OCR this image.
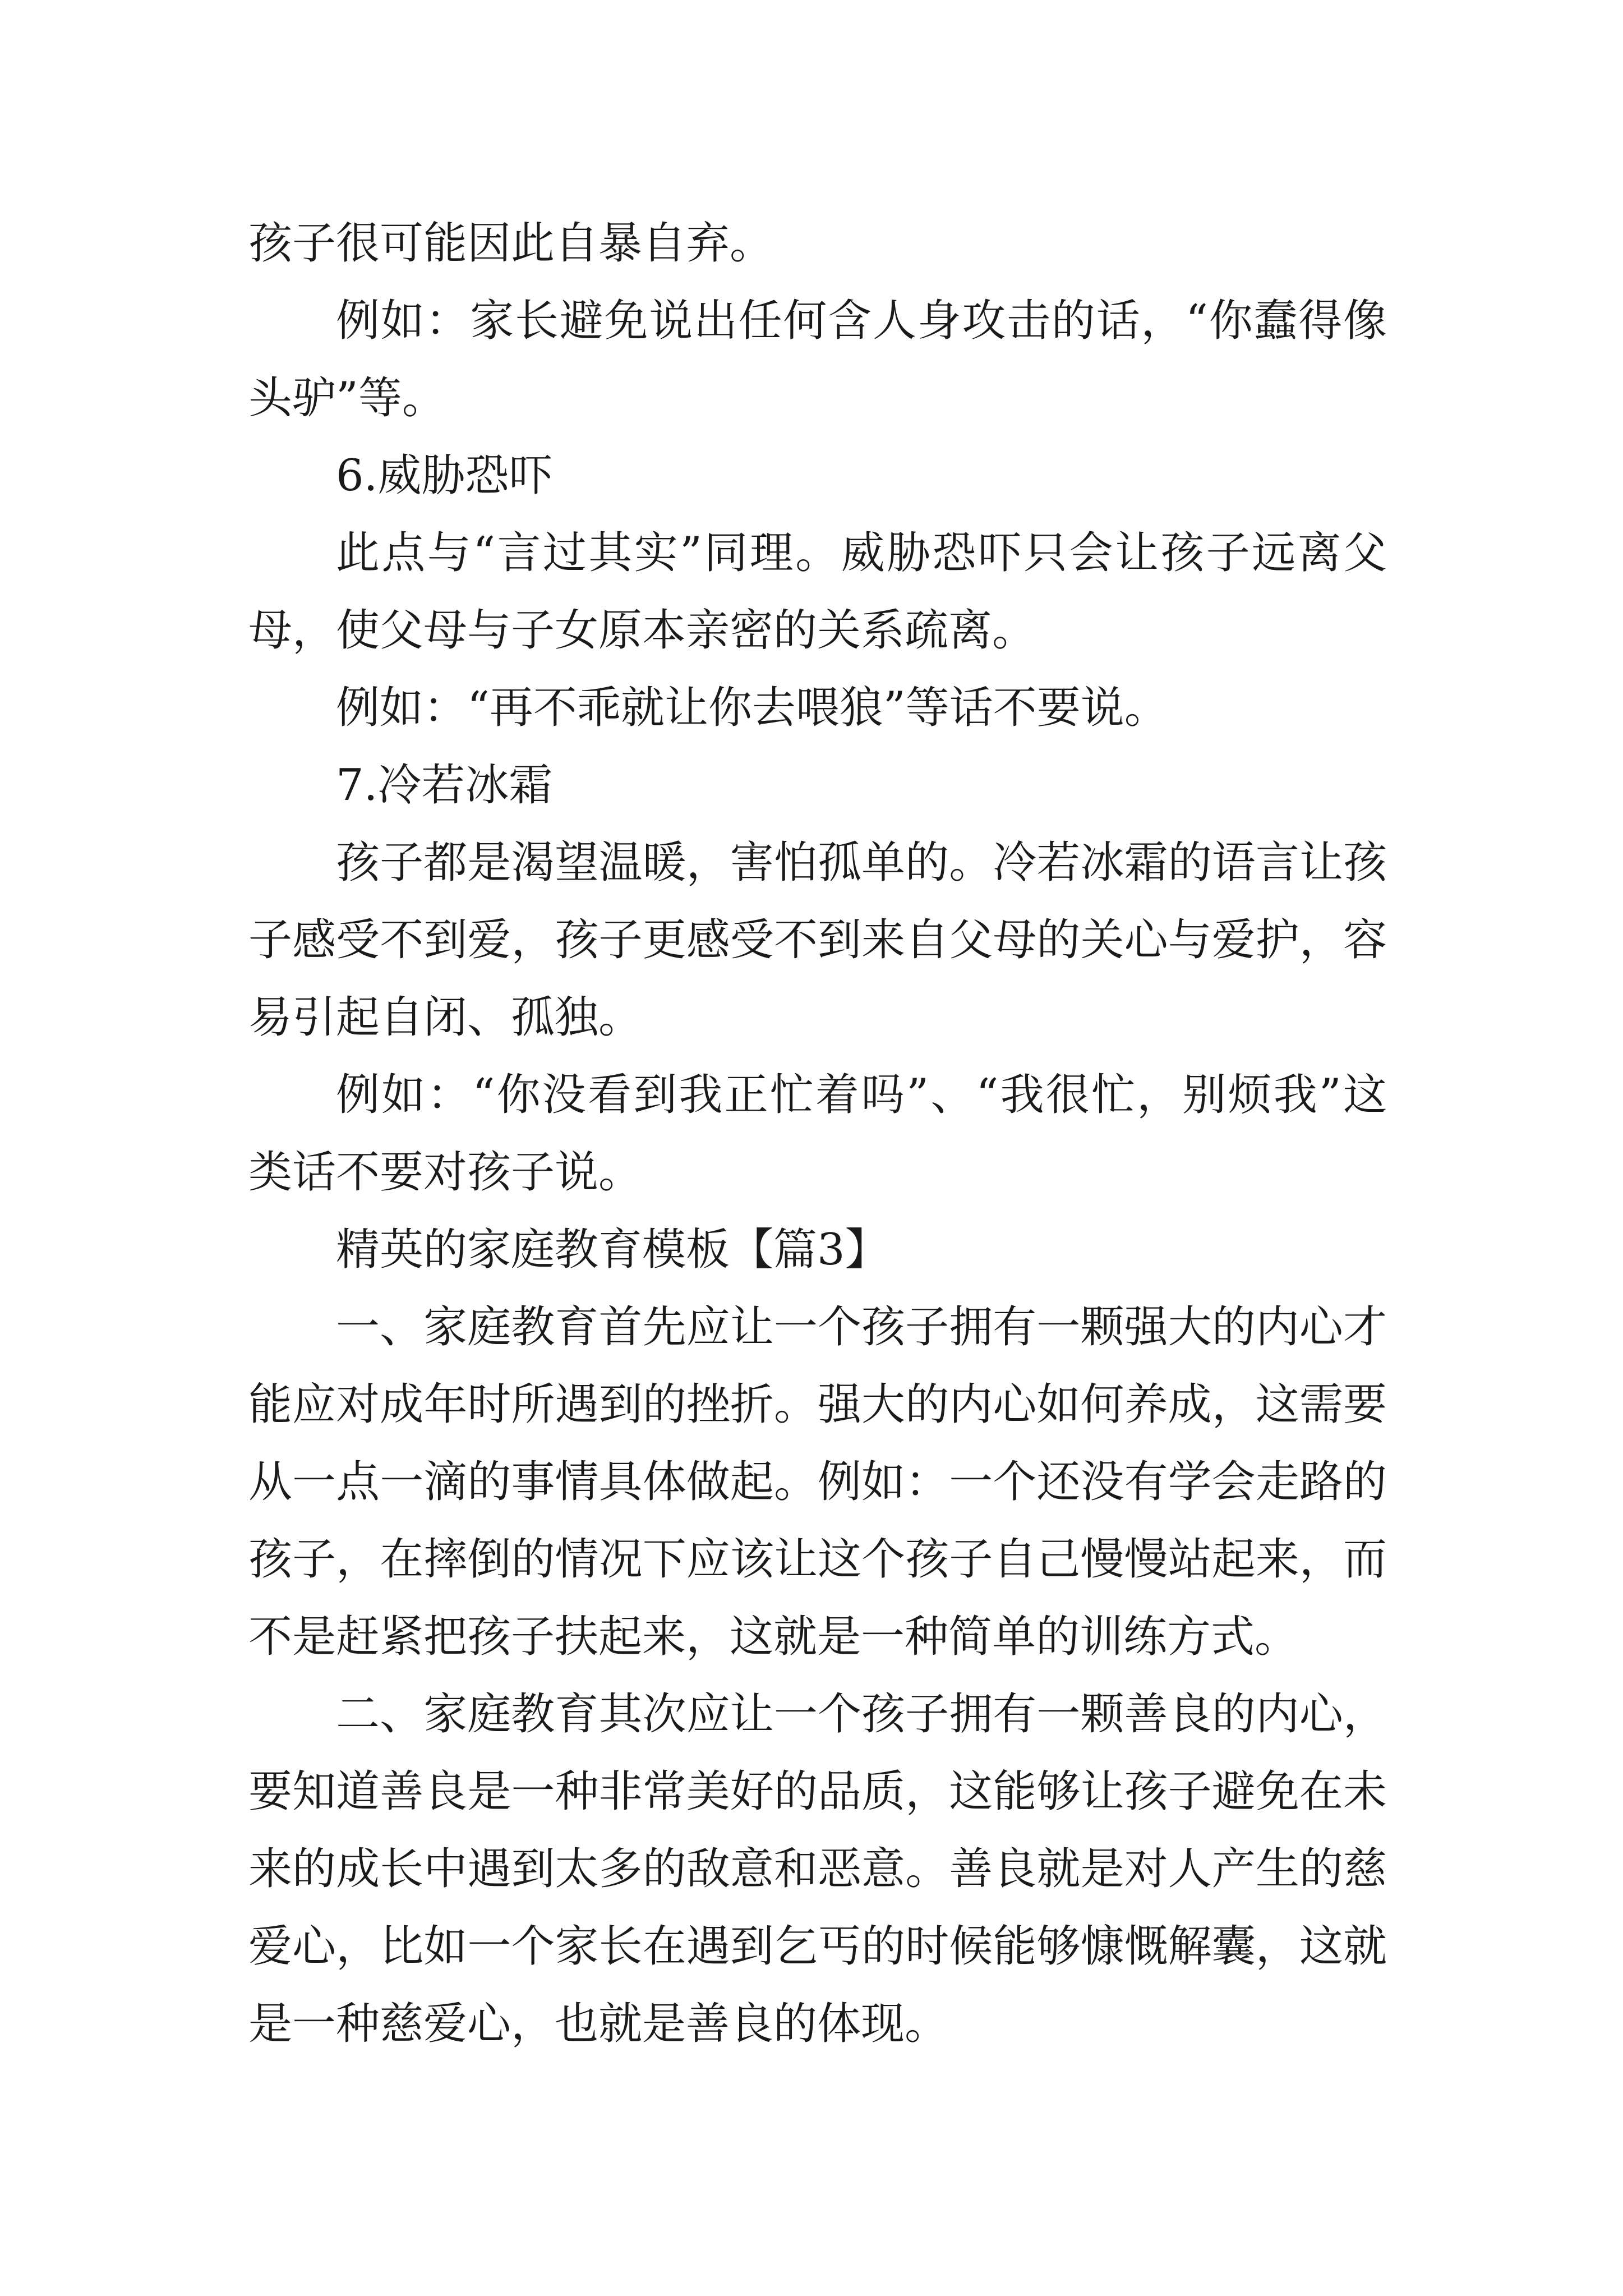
孩子很可能因此自暴自弃。
例如：家长避免说出任何含人身攻击的话，“你蠢得像
头驴”等。
6.威胁恐吓
此点与“言过其实”同理。威胁恐吓只会让孩子远离父
母，使父母与子女原本亲密的关系疏离。
例如：“再不乖就让你去喂狼”等话不要说。
7.冷若冰霜
孩子都是渴望温暖，害怕孤单的。冷若冰霜的语言让孩
子感受不到爱，孩子更感受不到来自父母的关心与爱护，容
易引起自闭、孤独。
例如：“你没看到我正忙着吗”、“我很忙，别烦我”这
类话不要对孩子说。
精英的家庭教育模板【篇3】
一、家庭教育首先应让一个孩子拥有一颗强大的内心才
能应对成年时所遇到的挫折。强大的内心如何养成，这需要
从一点一滴的事情具体做起。例如：一个还没有学会走路的
孩子，在摔倒的情况下应该让这个孩子自己慢慢站起来，而
不是赶紧把孩子扶起来，这就是一种简单的训练方式。
二、家庭教育其次应让一个孩子拥有一颗善良的内心，
要知道善良是一种非常美好的品质，这能够让孩子避免在未
来的成长中遇到太多的敌意和恶意。善良就是对人产生的慈
爱心，比如一个家长在遇到乞丐的时候能够慷慨解囊，这就
是一种慈爱心，也就是善良的体现。
